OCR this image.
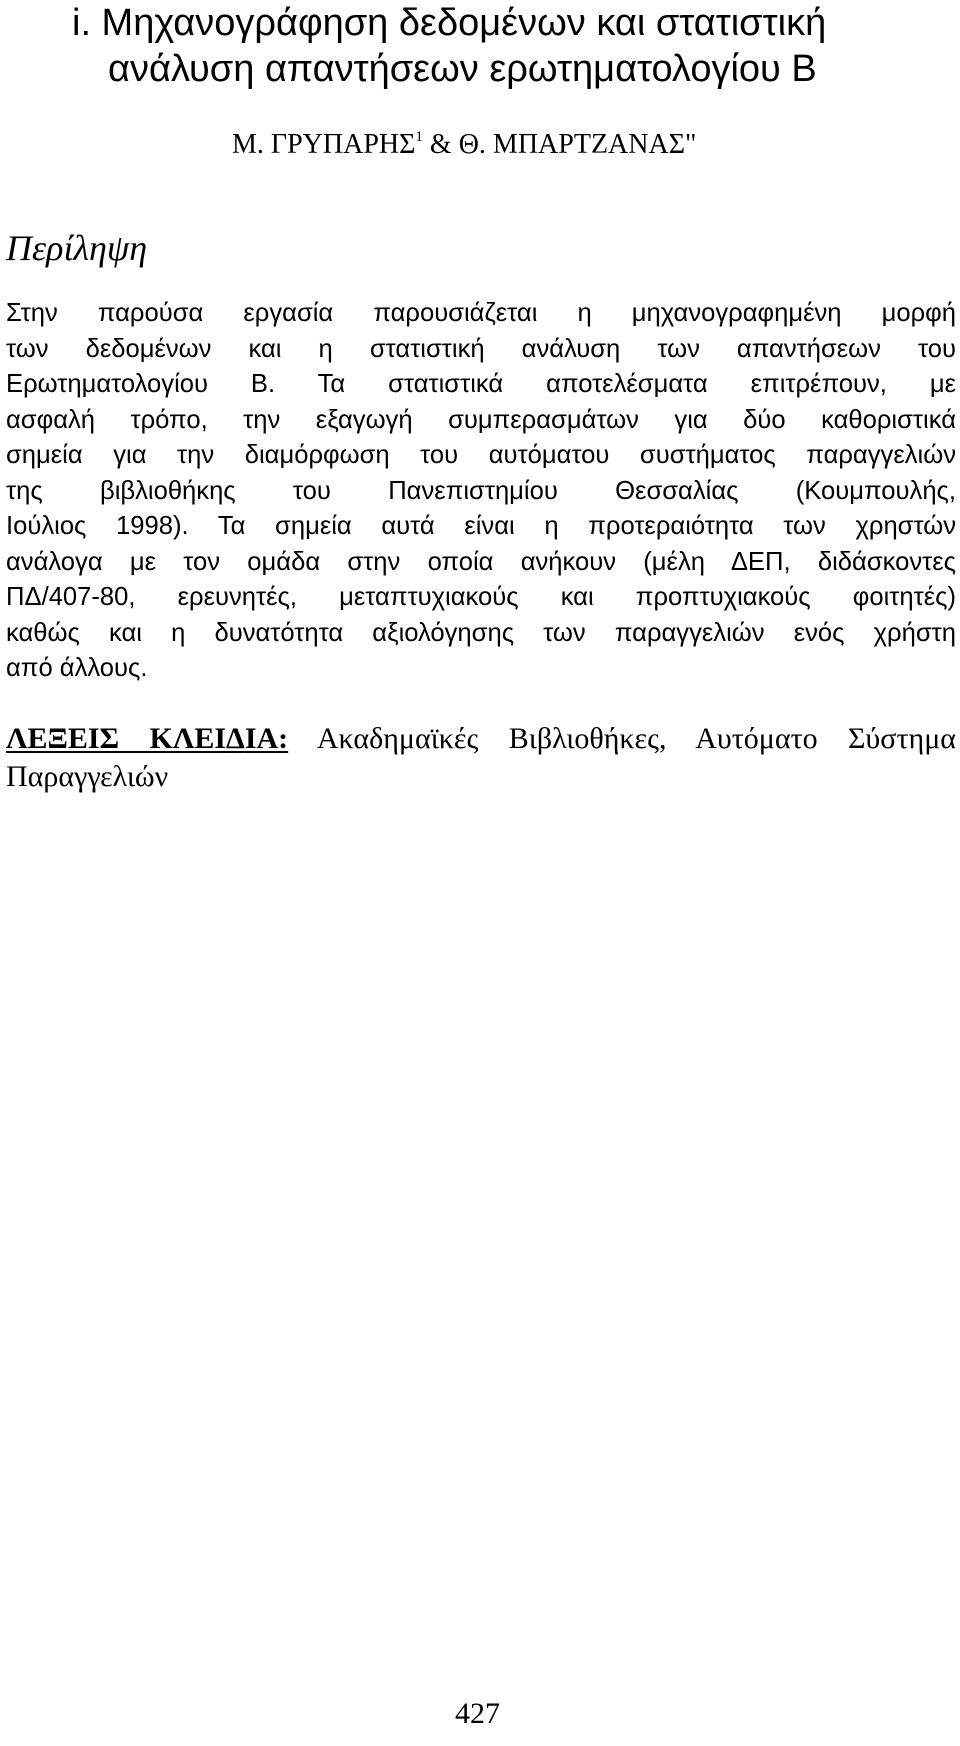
i. Μηχανογράφηση δεδομένων και στατιστική
ανάλυση απαντήσεων ερωτηματολογίου Β
Μ. ΓΡΥΠΑΡΗΣ$^1$ & Θ. ΜΠΑΡΤΖΑΝΑΣ"
Περίληψη
Στην παρούσα εργασία παρουσιάζεται η μηχανογραφημένη μορφή
των δεδομένων και η στατιστική ανάλυση των απαντήσεων του
Ερωτηματολογίου Β. Τα στατιστικά αποτελέσματα επιτρέπουν, με
ασφαλή τρόπο, την εξαγωγή συμπερασμάτων για δύο καθοριστικά
σημεία για την διαμόρφωση του αυτόματου συστήματος παραγγελιών
της βιβλιοθήκης του Πανεπιστημίου Θεσσαλίας (Κουμπουλής,
Ιούλιος 1998). Τα σημεία αυτά είναι η προτεραιότητα των χρηστών
ανάλογα με τον ομάδα στην οποία ανήκουν (μέλη ΔΕΠ, διδάσκοντες
ΠΔ/407-80, ερευνητές, μεταπτυχιακούς και προπτυχιακούς φοιτητές)
καθώς και η δυνατότητα αξιολόγησης των παραγγελιών ενός χρήστη
από άλλους.
ΛΕΞΕΙΣ ΚΛΕΙΔΙΑ: Ακαδημαϊκές Βιβλιοθήκες, Αυτόματο Σύστημα
Παραγγελιών
427
